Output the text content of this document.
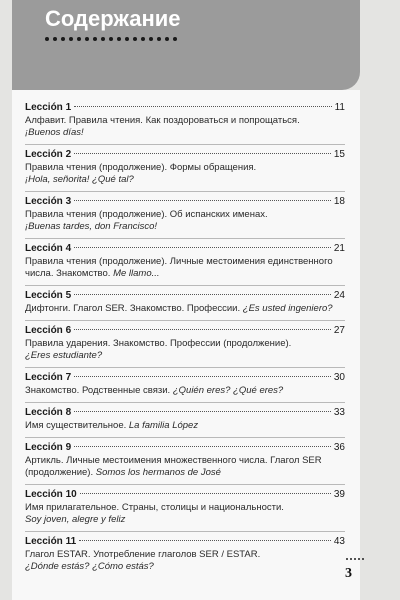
Содержание
Lección 1	11
Алфавит. Правила чтения. Как поздороваться и попрощаться.
¡Buenos días!
Lección 2	15
Правила чтения (продолжение). Формы обращения.
¡Hola, señorita! ¿Qué tal?
Lección 3	18
Правила чтения (продолжение). Об испанских именах.
¡Buenas tardes, don Francisco!
Lección 4	21
Правила чтения (продолжение). Личные местоимения единственного числа. Знакомство. Me llamo...
Lección 5	24
Дифтонги. Глагол SER. Знакомство. Профессии. ¿Es usted ingeniero?
Lección 6	27
Правила ударения. Знакомство. Профессии (продолжение).
¿Eres estudiante?
Lección 7	30
Знакомство. Родственные связи. ¿Quién eres? ¿Qué eres?
Lección 8	33
Имя существительное. La familia López
Lección 9	36
Артикль. Личные местоимения множественного числа. Глагол SER (продолжение). Somos los hermanos de José
Lección 10	39
Имя прилагательное. Страны, столицы и национальности.
Soy joven, alegre y feliz
Lección 11	43
Глагол ESTAR. Употребление глаголов SER / ESTAR.
¿Dónde estás? ¿Cómo estás?	3
